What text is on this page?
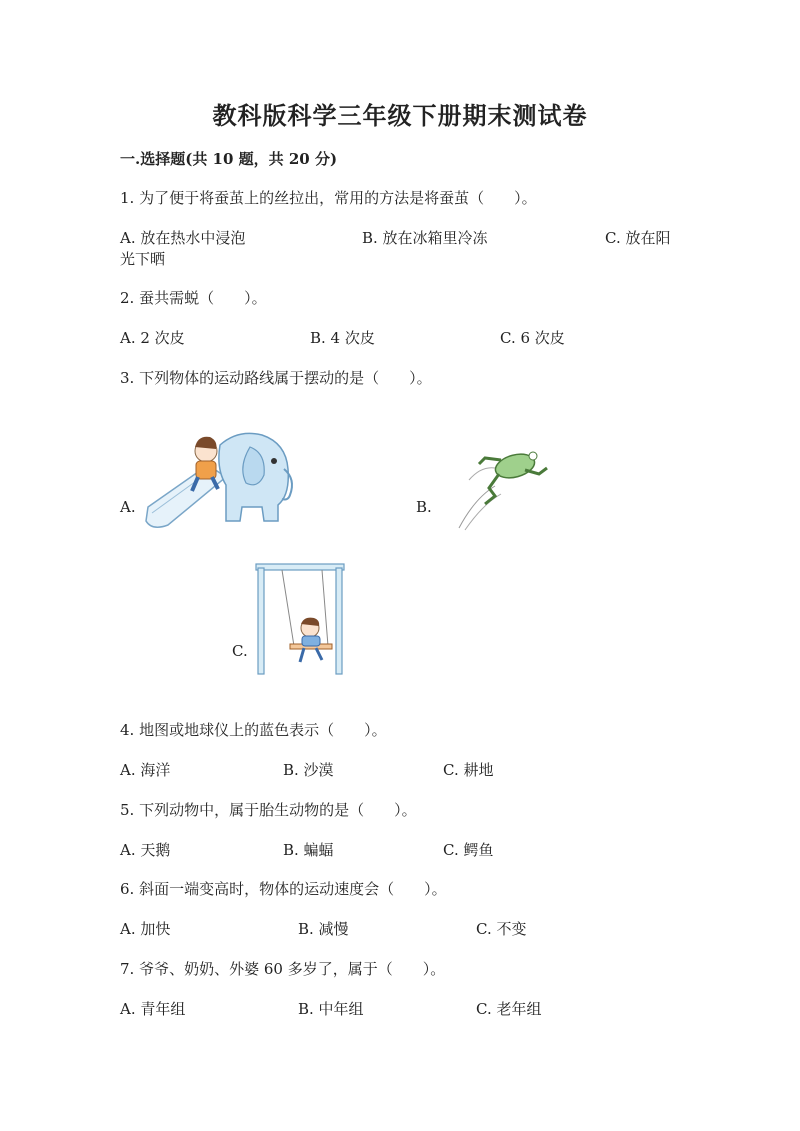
教科版科学三年级下册期末测试卷
一.选择题(共 10 题，共 20 分)
1. 为了便于将蚕茧上的丝拉出，常用的方法是将蚕茧（　　）。
A. 放在热水中浸泡	B. 放在冰箱里冷冻	C. 放在阳
光下晒
2. 蚕共需蜕（　　）。
A. 2 次皮	B. 4 次皮	C. 6 次皮
3. 下列物体的运动路线属于摆动的是（　　）。
A.	B.
C.
4. 地图或地球仪上的蓝色表示（　　）。
A. 海洋	B. 沙漠	C. 耕地
5. 下列动物中，属于胎生动物的是（　　）。
A. 天鹅	B. 蝙蝠	C. 鳄鱼
6. 斜面一端变高时，物体的运动速度会（　　）。
A. 加快	B. 减慢	C. 不变
7. 爷爷、奶奶、外婆 60 多岁了，属于（　　）。
A. 青年组	B. 中年组	C. 老年组
